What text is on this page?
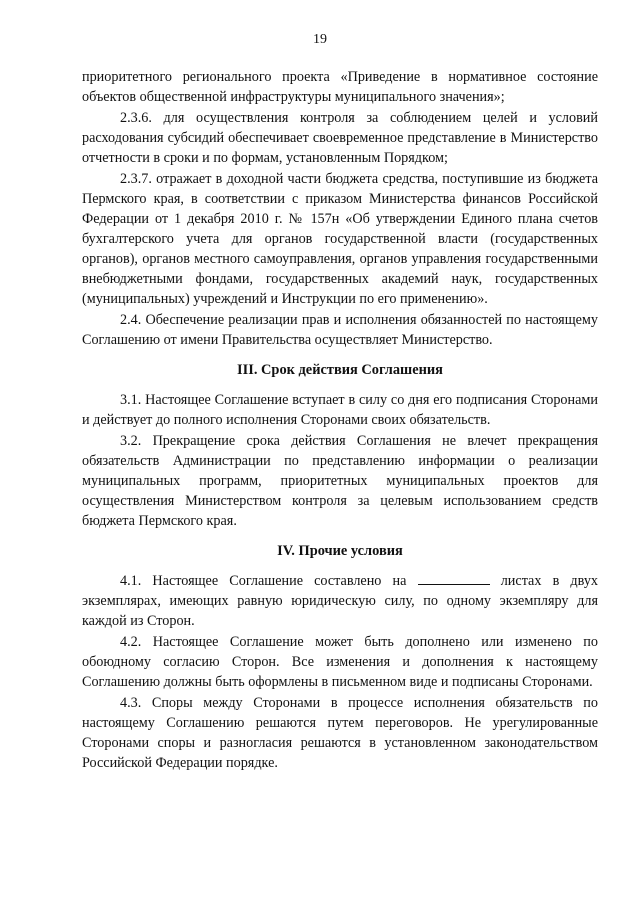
19

приоритетного регионального проекта «Приведение в нормативное состояние объектов общественной инфраструктуры муниципального значения»;

2.3.6. для осуществления контроля за соблюдением целей и условий расходования субсидий обеспечивает своевременное представление в Министерство отчетности в сроки и по формам, установленным Порядком;

2.3.7. отражает в доходной части бюджета средства, поступившие из бюджета Пермского края, в соответствии с приказом Министерства финансов Российской Федерации от 1 декабря 2010 г. № 157н «Об утверждении Единого плана счетов бухгалтерского учета для органов государственной власти (государственных органов), органов местного самоуправления, органов управления государственными внебюджетными фондами, государственных академий наук, государственных (муниципальных) учреждений и Инструкции по его применению».

2.4. Обеспечение реализации прав и исполнения обязанностей по настоящему Соглашению от имени Правительства осуществляет Министерство.

III. Срок действия Соглашения

3.1. Настоящее Соглашение вступает в силу со дня его подписания Сторонами и действует до полного исполнения Сторонами своих обязательств.

3.2. Прекращение срока действия Соглашения не влечет прекращения обязательств Администрации по представлению информации о реализации муниципальных программ, приоритетных муниципальных проектов для осуществления Министерством контроля за целевым использованием средств бюджета Пермского края.

IV. Прочие условия

4.1. Настоящее Соглашение составлено на	листах в двух экземплярах, имеющих равную юридическую силу, по одному экземпляру для каждой из Сторон.

4.2. Настоящее Соглашение может быть дополнено или изменено по обоюдному согласию Сторон. Все изменения и дополнения к настоящему Соглашению должны быть оформлены в письменном виде и подписаны Сторонами.

4.3. Споры между Сторонами в процессе исполнения обязательств по настоящему Соглашению решаются путем переговоров. Не урегулированные Сторонами споры и разногласия решаются в установленном законодательством Российской Федерации порядке.
